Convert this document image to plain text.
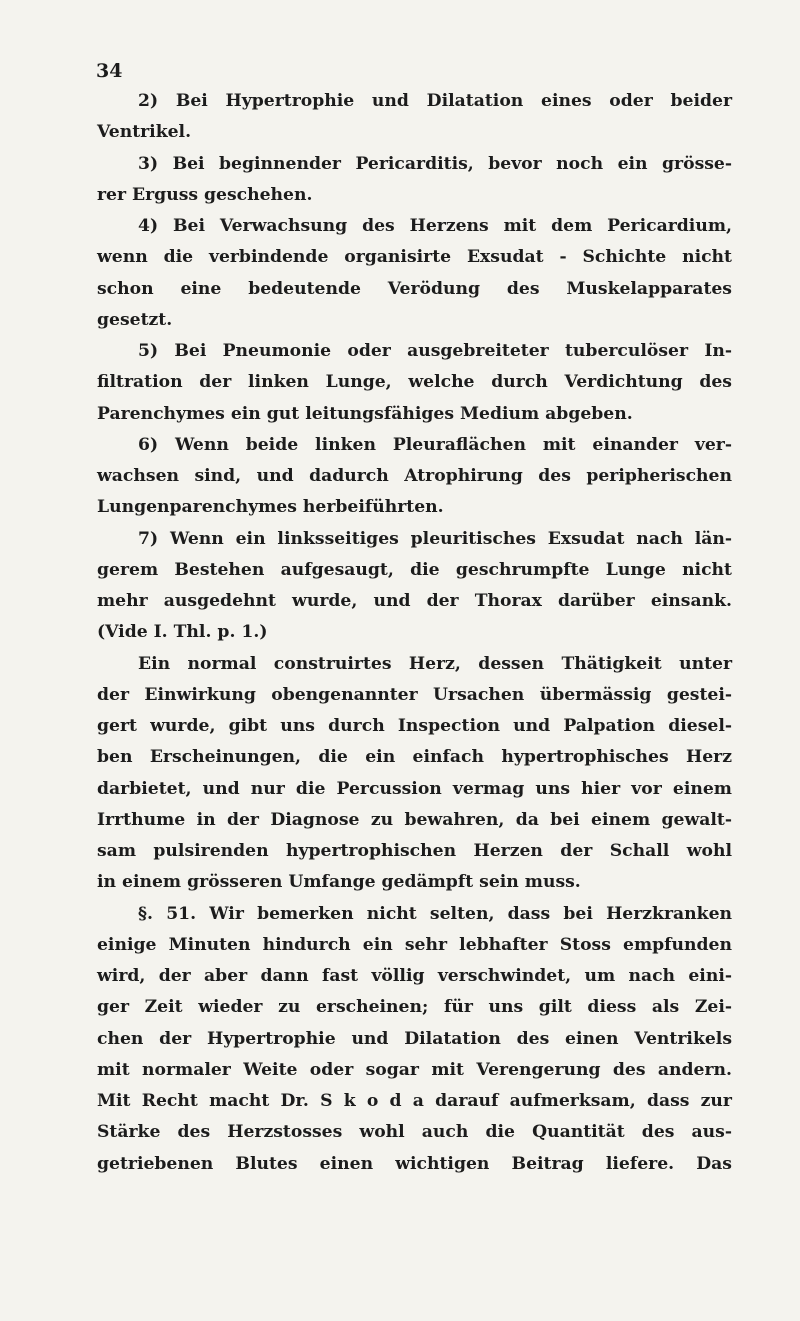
34
2) Bei Hypertrophie und Dilatation eines oder beider
Ventrikel.
3) Bei beginnender Pericarditis, bevor noch ein grösse-
rer Erguss geschehen.
4) Bei Verwachsung des Herzens mit dem Pericardium,
wenn die verbindende organisirte Exsudat - Schichte nicht
schon eine bedeutende Verödung des Muskelapparates
gesetzt.
5) Bei Pneumonie oder ausgebreiteter tuberculöser In-
filtration der linken Lunge, welche durch Verdichtung des
Parenchymes ein gut leitungsfähiges Medium abgeben.
6) Wenn beide linken Pleuraflächen mit einander ver-
wachsen sind, und dadurch Atrophirung des peripherischen
Lungenparenchymes herbeiführten.
7) Wenn ein linksseitiges pleuritisches Exsudat nach län-
gerem Bestehen aufgesaugt, die geschrumpfte Lunge nicht
mehr ausgedehnt wurde, und der Thorax darüber einsank.
(Vide I. Thl. p. 1.)
Ein normal construirtes Herz, dessen Thätigkeit unter
der Einwirkung obengenannter Ursachen übermässig gestei-
gert wurde, gibt uns durch Inspection und Palpation diesel-
ben Erscheinungen, die ein einfach hypertrophisches Herz
darbietet, und nur die Percussion vermag uns hier vor einem
Irrthume in der Diagnose zu bewahren, da bei einem gewalt-
sam pulsirenden hypertrophischen Herzen der Schall wohl
in einem grösseren Umfange gedämpft sein muss.
§. 51. Wir bemerken nicht selten, dass bei Herzkranken
einige Minuten hindurch ein sehr lebhafter Stoss empfunden
wird, der aber dann fast völlig verschwindet, um nach eini-
ger Zeit wieder zu erscheinen; für uns gilt diess als Zei-
chen der Hypertrophie und Dilatation des einen Ventrikels
mit normaler Weite oder sogar mit Verengerung des andern.
Mit Recht macht Dr. S k o d a darauf aufmerksam, dass zur
Stärke des Herzstosses wohl auch die Quantität des aus-
getriebenen Blutes einen wichtigen Beitrag liefere. Das
